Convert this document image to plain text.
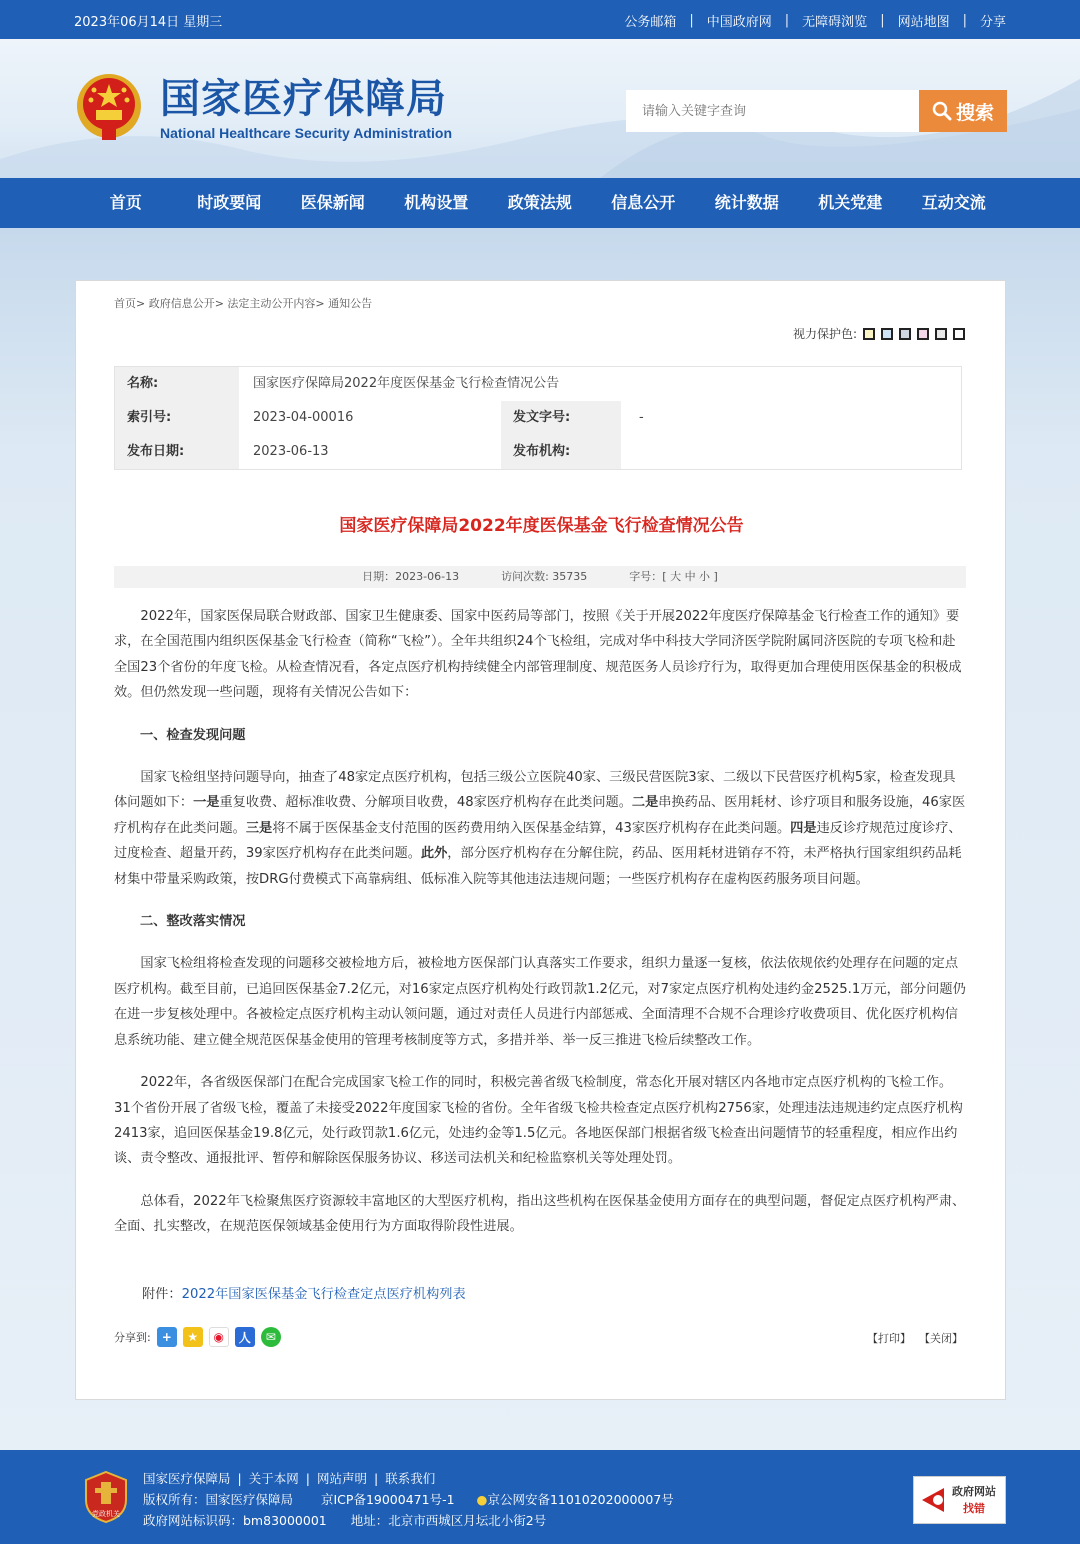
2023年06月14日 星期三	公务邮箱 | 中国政府网 | 无障碍浏览 | 网站地图 | 分享
国家医疗保障局
National Healthcare Security Administration
请输入关键字查询
搜索
首页	时政要闻	医保新闻	机构设置	政策法规	信息公开	统计数据	机关党建	互动交流
首页> 政府信息公开> 法定主动公开内容> 通知公告
视力保护色:
名称:	国家医疗保障局2022年度医保基金飞行检查情况公告
索引号:	2023-04-00016	发文字号:	-
发布日期:	2023-06-13	发布机构:
国家医疗保障局2022年度医保基金飞行检查情况公告
日期：2023-06-13	访问次数: 35735	字号：[ 大 中 小 ]

2022年，国家医保局联合财政部、国家卫生健康委、国家中医药局等部门，按照《关于开展2022年度医疗保障基金飞行检查工作的通知》要求，在全国范围内组织医保基金飞行检查（简称“飞检”）。全年共组织24个飞检组，完成对华中科技大学同济医学院附属同济医院的专项飞检和赴全国23个省份的年度飞检。从检查情况看，各定点医疗机构持续健全内部管理制度、规范医务人员诊疗行为，取得更加合理使用医保基金的积极成效。但仍然发现一些问题，现将有关情况公告如下：

一、检查发现问题

国家飞检组坚持问题导向，抽查了48家定点医疗机构，包括三级公立医院40家、三级民营医院3家、二级以下民营医疗机构5家，检查发现具体问题如下：一是重复收费、超标准收费、分解项目收费，48家医疗机构存在此类问题。二是串换药品、医用耗材、诊疗项目和服务设施，46家医疗机构存在此类问题。三是将不属于医保基金支付范围的医药费用纳入医保基金结算，43家医疗机构存在此类问题。四是违反诊疗规范过度诊疗、过度检查、超量开药，39家医疗机构存在此类问题。此外，部分医疗机构存在分解住院，药品、医用耗材进销存不符，未严格执行国家组织药品耗材集中带量采购政策，按DRG付费模式下高靠病组、低标准入院等其他违法违规问题；一些医疗机构存在虚构医药服务项目问题。

二、整改落实情况

国家飞检组将检查发现的问题移交被检地方后，被检地方医保部门认真落实工作要求，组织力量逐一复核，依法依规依约处理存在问题的定点医疗机构。截至目前，已追回医保基金7.2亿元，对16家定点医疗机构处行政罚款1.2亿元，对7家定点医疗机构处违约金2525.1万元，部分问题仍在进一步复核处理中。各被检定点医疗机构主动认领问题，通过对责任人员进行内部惩戒、全面清理不合规不合理诊疗收费项目、优化医疗机构信息系统功能、建立健全规范医保基金使用的管理考核制度等方式，多措并举、举一反三推进飞检后续整改工作。

2022年，各省级医保部门在配合完成国家飞检工作的同时，积极完善省级飞检制度，常态化开展对辖区内各地市定点医疗机构的飞检工作。31个省份开展了省级飞检，覆盖了未接受2022年度国家飞检的省份。全年省级飞检共检查定点医疗机构2756家，处理违法违规违约定点医疗机构2413家，追回医保基金19.8亿元，处行政罚款1.6亿元，处违约金等1.5亿元。各地医保部门根据省级飞检查出问题情节的轻重程度，相应作出约谈、责令整改、通报批评、暂停和解除医保服务协议、移送司法机关和纪检监察机关等处理处罚。

总体看，2022年飞检聚焦医疗资源较丰富地区的大型医疗机构，指出这些机构在医保基金使用方面存在的典型问题，督促定点医疗机构严肃、全面、扎实整改，在规范医保领域基金使用行为方面取得阶段性进展。

附件：2022年国家医保基金飞行检查定点医疗机构列表
分享到: +	★	◉	人	✉	【打印】 【关闭】
党政机关
国家医疗保障局 | 关于本网 | 网站声明 | 联系我们
版权所有：国家医疗保障局 京ICP备19000471号-1 ●京公网安备11010202000007号
政府网站标识码：bm83000001 地址：北京市西城区月坛北小街2号
政府网站
找错
